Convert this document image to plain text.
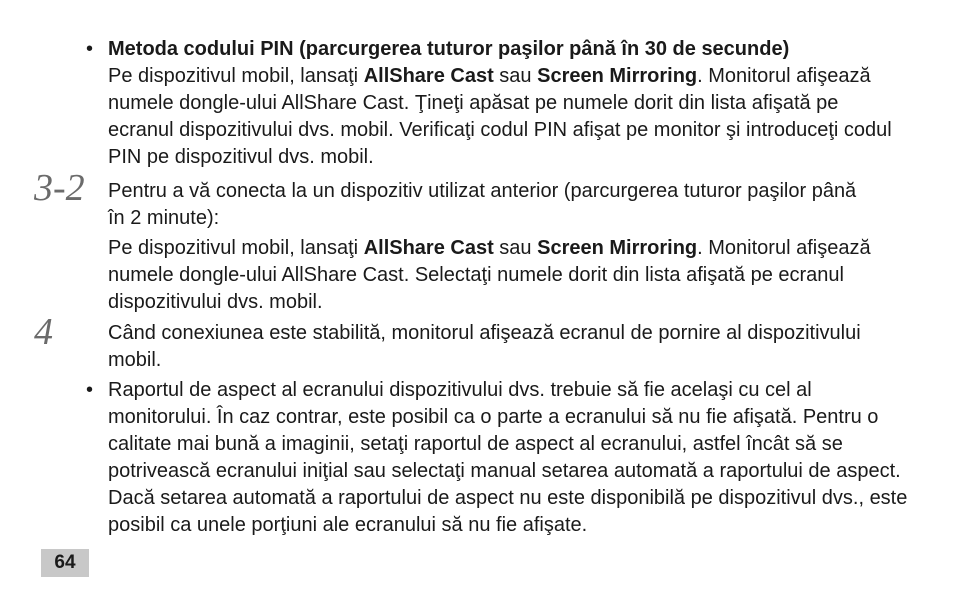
• Metoda codului PIN (parcurgerea tuturor paşilor până în 30 de secunde)

Pe dispozitivul mobil, lansaţi AllShare Cast sau Screen Mirroring. Monitorul afişează numele dongle-ului AllShare Cast. Ţineţi apăsat pe numele dorit din lista afişată pe ecranul dispozitivului dvs. mobil. Verificaţi codul PIN afişat pe monitor şi introduceţi codul PIN pe dispozitivul dvs. mobil.

3-2 Pentru a vă conecta la un dispozitiv utilizat anterior (parcurgerea tuturor paşilor până în 2 minute):
Pe dispozitivul mobil, lansaţi AllShare Cast sau Screen Mirroring. Monitorul afişează numele dongle-ului AllShare Cast. Selectaţi numele dorit din lista afişată pe ecranul dispozitivului dvs. mobil.
4	Când conexiunea este stabilită, monitorul afişează ecranul de pornire al dispozitivului mobil.
• Raportul de aspect al ecranului dispozitivului dvs. trebuie să fie acelaşi cu cel al monitorului. În caz contrar, este posibil ca o parte a ecranului să nu fie afişată. Pentru o calitate mai bună a imaginii, setaţi raportul de aspect al ecranului, astfel încât să se potrivească ecranului iniţial sau selectaţi manual setarea automată a raportului de aspect. Dacă setarea automată a raportului de aspect nu este disponibilă pe dispozitivul dvs., este posibil ca unele porţiuni ale ecranului să nu fie afişate.
64
